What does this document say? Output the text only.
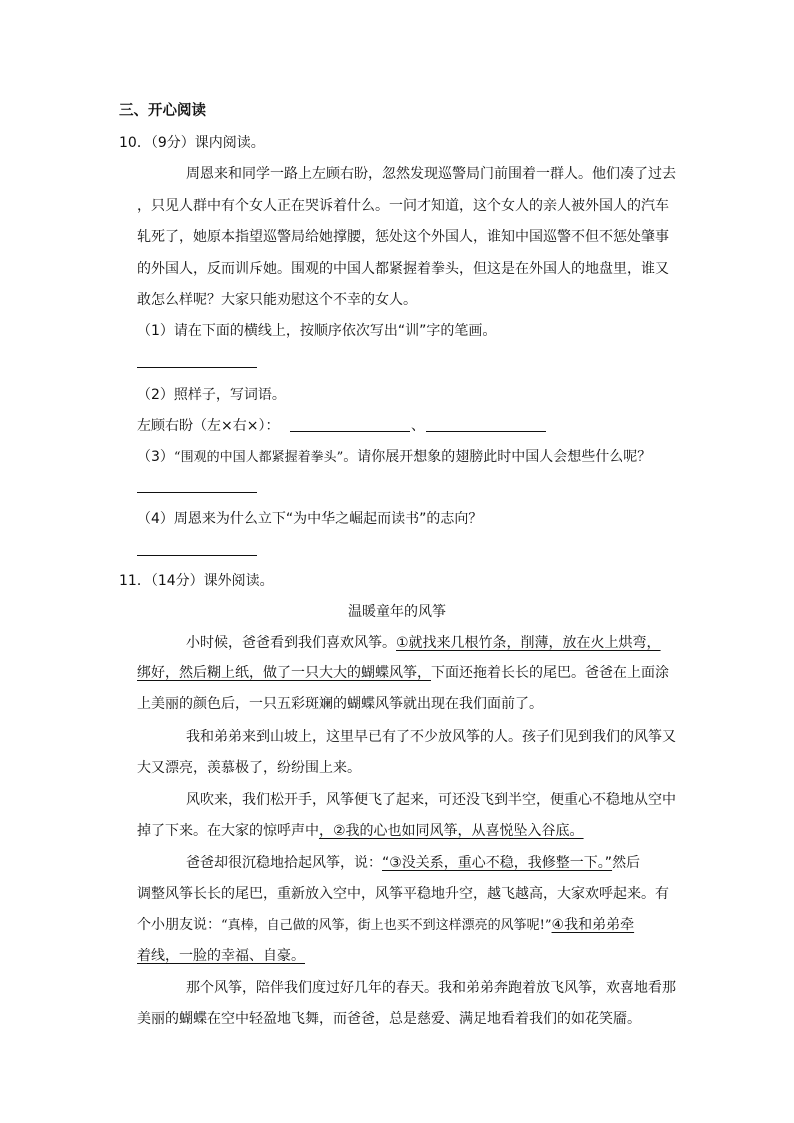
三、开心阅读
10．（9分）课内阅读。
周恩来和同学一路上左顾右盼，忽然发现巡警局门前围着一群人。他们凑了过去
，只见人群中有个女人正在哭诉着什么。一问才知道，这个女人的亲人被外国人的汽车
轧死了，她原本指望巡警局给她撑腰，惩处这个外国人，谁知中国巡警不但不惩处肇事
的外国人，反而训斥她。围观的中国人都紧握着拳头，但这是在外国人的地盘里，谁又
敢怎么样呢？大家只能劝慰这个不幸的女人。
（1）请在下面的横线上，按顺序依次写出“训”字的笔画。
（2）照样子，写词语。
左顾右盼（左×右×）：	、
（3）“围观的中国人都紧握着拳头”。请你展开想象的翅膀此时中国人会想些什么呢？
（4）周恩来为什么立下“为中华之崛起而读书”的志向？
11．（14分）课外阅读。
温暖童年的风筝
小时候，爸爸看到我们喜欢风筝。①就找来几根竹条，削薄，放在火上烘弯，
绑好，然后糊上纸，做了一只大大的蝴蝶风筝，下面还拖着长长的尾巴。爸爸在上面涂
上美丽的颜色后，一只五彩斑斓的蝴蝶风筝就出现在我们面前了。
我和弟弟来到山坡上，这里早已有了不少放风筝的人。孩子们见到我们的风筝又
大又漂亮，羡慕极了，纷纷围上来。
风吹来，我们松开手，风筝便飞了起来，可还没飞到半空，便重心不稳地从空中
掉了下来。在大家的惊呼声中，②我的心也如同风筝，从喜悦坠入谷底。
爸爸却很沉稳地拾起风筝，说：“③没关系，重心不稳，我修整一下。”然后
调整风筝长长的尾巴，重新放入空中，风筝平稳地升空，越飞越高，大家欢呼起来。有
个小朋友说：“真棒，自己做的风筝，街上也买不到这样漂亮的风筝呢!”④我和弟弟牵
着线，一脸的幸福、自豪。
那个风筝，陪伴我们度过好几年的春天。我和弟弟奔跑着放飞风筝，欢喜地看那
美丽的蝴蝶在空中轻盈地飞舞，而爸爸，总是慈爱、满足地看着我们的如花笑靥。
